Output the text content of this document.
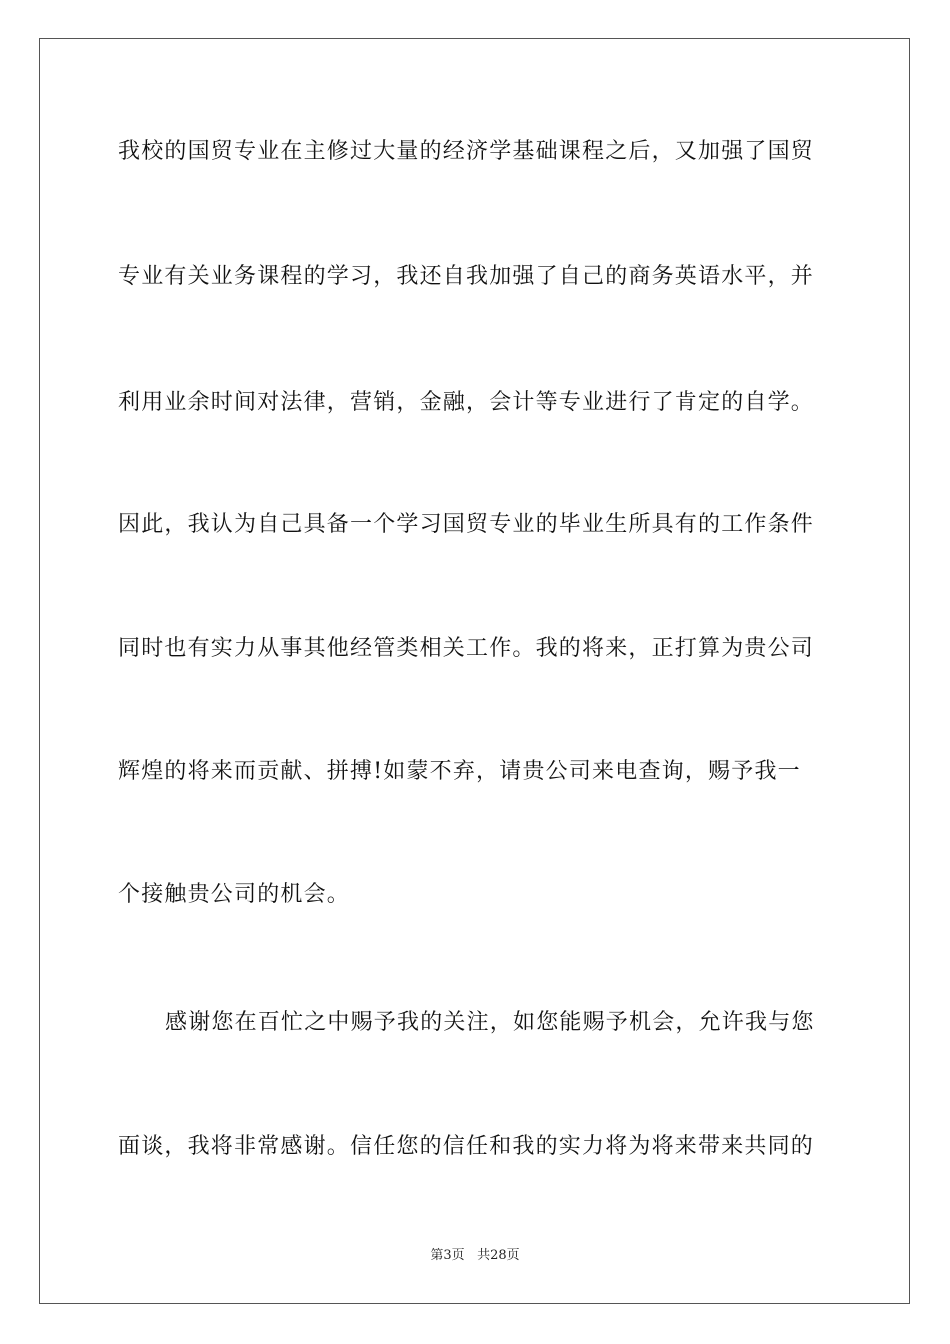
我校的国贸专业在主修过大量的经济学基础课程之后，又加强了国贸
专业有关业务课程的学习，我还自我加强了自己的商务英语水平，并
利用业余时间对法律，营销，金融，会计等专业进行了肯定的自学。
因此，我认为自己具备一个学习国贸专业的毕业生所具有的工作条件
同时也有实力从事其他经管类相关工作。我的将来，正打算为贵公司
辉煌的将来而贡献、拼搏!如蒙不弃，请贵公司来电查询，赐予我一
个接触贵公司的机会。
感谢您在百忙之中赐予我的关注，如您能赐予机会，允许我与您
面谈，我将非常感谢。信任您的信任和我的实力将为将来带来共同的
第3页 共28页
